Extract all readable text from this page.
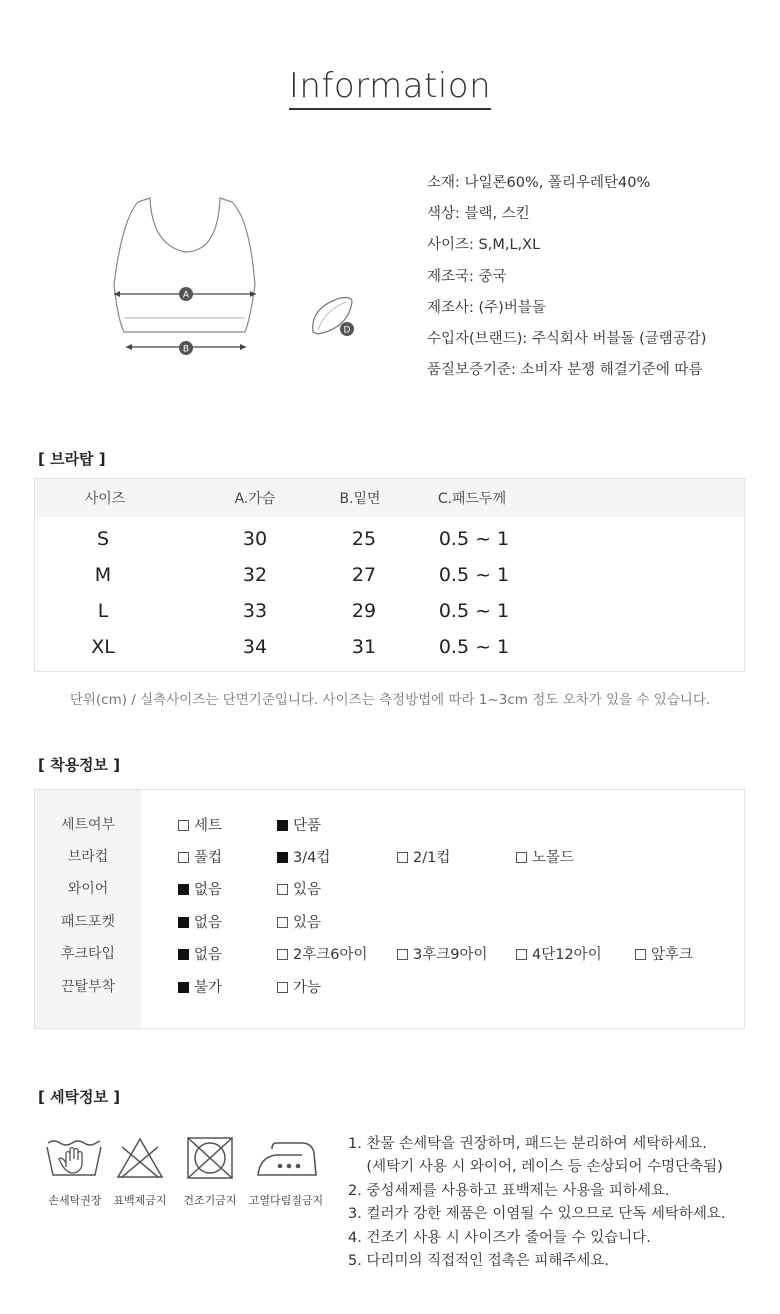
Information
A
B
D
소재: 나일론60%, 폴리우레탄40%
색상: 블랙, 스킨
사이즈: S,M,L,XL
제조국: 중국
제조사: (주)버블돌
수입자(브랜드): 주식회사 버블돌 (글램공감)
품질보증기준: 소비자 분쟁 해결기준에 따름
[ 브라탑 ]
사이즈	A.가슴	B.밑면	C.패드두께
S	30	25	0.5 ~ 1
M	32	27	0.5 ~ 1
L	33	29	0.5 ~ 1
XL	34	31	0.5 ~ 1
단위(cm) / 실측사이즈는 단면기준입니다. 사이즈는 측정방법에 따라 1~3cm 정도 오차가 있을 수 있습니다.
[ 착용정보 ]
세트여부	세트	단품
브라컵	풀컵	3/4컵	2/1컵	노몰드
와이어	없음	있음
패드포켓	없음	있음
후크타입	없음	2후크6아이	3후크9아이	4단12아이	앞후크
끈탈부착	불가	가능
[ 세탁정보 ]
손세탁권장 표백제금지 건조기금지 고열다림질금지
1. 찬물 손세탁을 권장하며, 패드는 분리하여 세탁하세요.
(세탁기 사용 시 와이어, 레이스 등 손상되어 수명단축됨)
2. 중성세제를 사용하고 표백제는 사용을 피하세요.
3. 컬러가 강한 제품은 이염될 수 있으므로 단독 세탁하세요.
4. 건조기 사용 시 사이즈가 줄어들 수 있습니다.
5. 다리미의 직접적인 접촉은 피해주세요.
